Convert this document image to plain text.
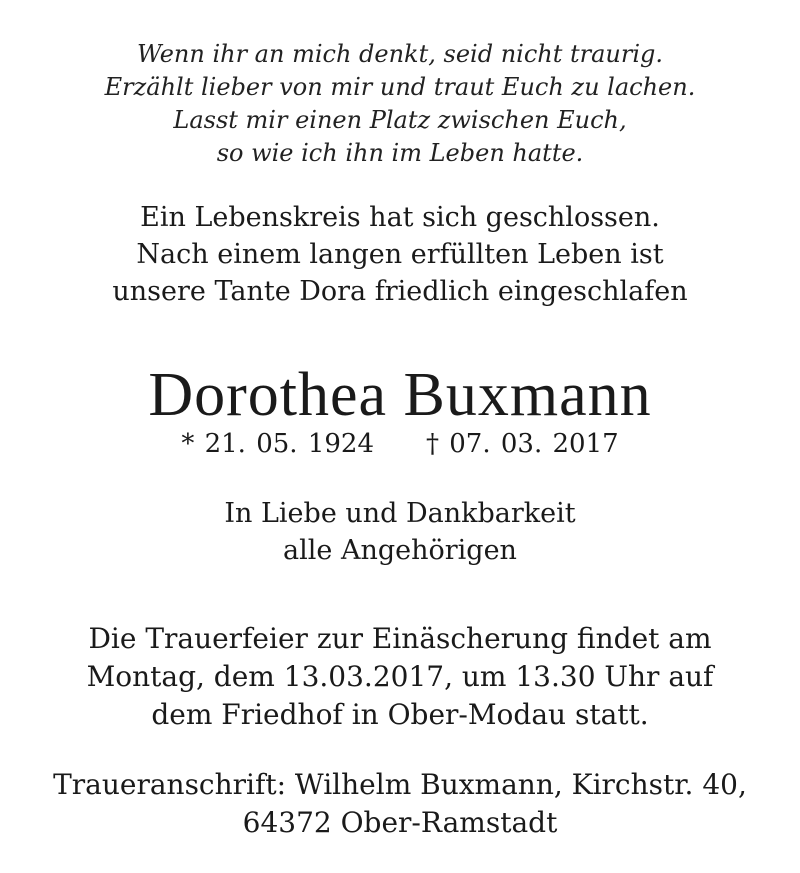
Wenn ihr an mich denkt, seid nicht traurig.
Erzählt lieber von mir und traut Euch zu lachen.
Lasst mir einen Platz zwischen Euch,
so wie ich ihn im Leben hatte.
Ein Lebenskreis hat sich geschlossen.
Nach einem langen erfüllten Leben ist
unsere Tante Dora friedlich eingeschlafen
Dorothea Buxmann
* 21. 05. 1924 † 07. 03. 2017
In Liebe und Dankbarkeit
alle Angehörigen
Die Trauerfeier zur Einäscherung findet am
Montag, dem 13.03.2017, um 13.30 Uhr auf
dem Friedhof in Ober-Modau statt.
Traueranschrift: Wilhelm Buxmann, Kirchstr. 40,
64372 Ober-Ramstadt
